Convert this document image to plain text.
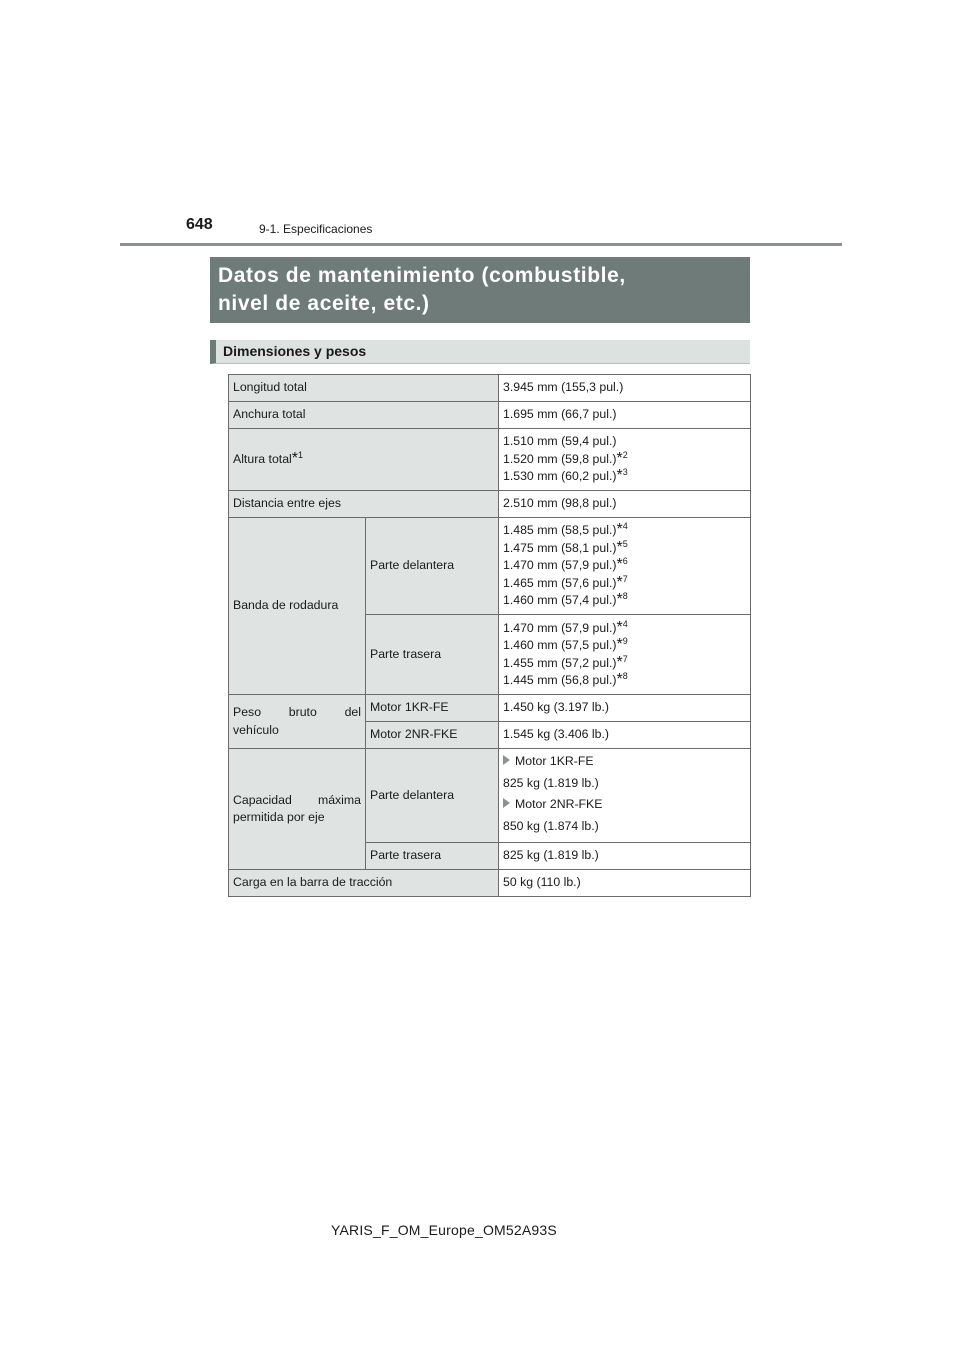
648	9-1. Especificaciones
Datos de mantenimiento (combustible,
nivel de aceite, etc.)
Dimensiones y pesos
Longitud total		3.945 mm (155,3 pul.)
Anchura total		1.695 mm (66,7 pul.)
Altura total*$^1$		1.510 mm (59,4 pul.)
1.520 mm (59,8 pul.)*$^2$
1.530 mm (60,2 pul.)*$^3$

Distancia entre ejes		2.510 mm (98,8 pul.)
Banda de rodadura	Parte delantera	1.485 mm (58,5 pul.)*$^4$
1.475 mm (58,1 pul.)*$^5$
1.470 mm (57,9 pul.)*$^6$
1.465 mm (57,6 pul.)*$^7$
1.460 mm (57,4 pul.)*$^8$

	Parte trasera	1.470 mm (57,9 pul.)*$^4$
1.460 mm (57,5 pul.)*$^9$
1.455 mm (57,2 pul.)*$^7$
1.445 mm (56,8 pul.)*$^8$

Peso bruto del vehículo	Motor 1KR-FE	1.450 kg (3.197 lb.)
	Motor 2NR-FKE	1.545 kg (3.406 lb.)
Capacidad máxima permitida por eje	Parte delantera	Motor 1KR-FE
825 kg (1.819 lb.)
Motor 2NR-FKE
850 kg (1.874 lb.)

	Parte trasera	825 kg (1.819 lb.)
Carga en la barra de tracción		50 kg (110 lb.)
YARIS_F_OM_Europe_OM52A93S
